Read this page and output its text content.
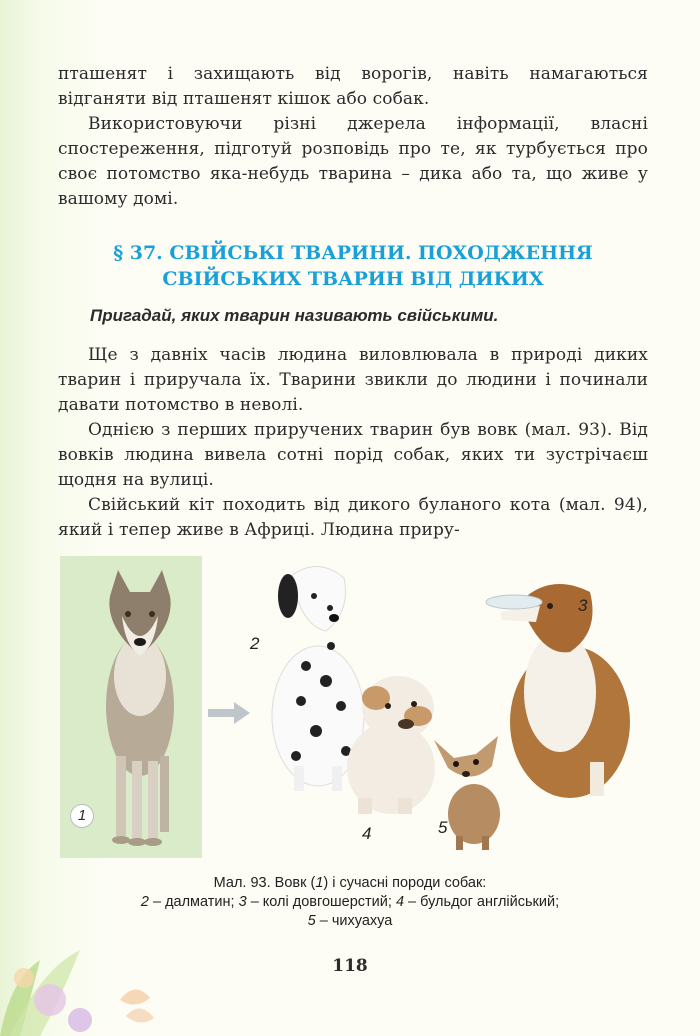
пташенят і захищають від ворогів, навіть намагаються відганяти від пташенят кішок або собак.

Використовуючи різні джерела інформації, власні спостереження, підготуй розповідь про те, як турбується про своє потомство яка-небудь тварина – дика або та, що живе у вашому домі.

§ 37. СВІЙСЬКІ ТВАРИНИ. ПОХОДЖЕННЯ
СВІЙСЬКИХ ТВАРИН ВІД ДИКИХ
Пригадай, яких тварин називають свійськими.

Ще з давніх часів людина виловлювала в природі диких тварин і приручала їх. Тварини звикли до людини і починали давати потомство в неволі.

Однією з перших приручених тварин був вовк (мал. 93). Від вовків людина вивела сотні порід собак, яких ти зустрічаєш щодня на вулиці.

Свійський кіт походить від дикого буланого кота (мал. 94), який і тепер живе в Африці. Людина приру-

1
2
4
3
5
Мал. 93. Вовк (1) і сучасні породи собак:
2 – далматин; 3 – колі довгошерстий; 4 – бульдог англійський;
5 – чихуахуа
118
